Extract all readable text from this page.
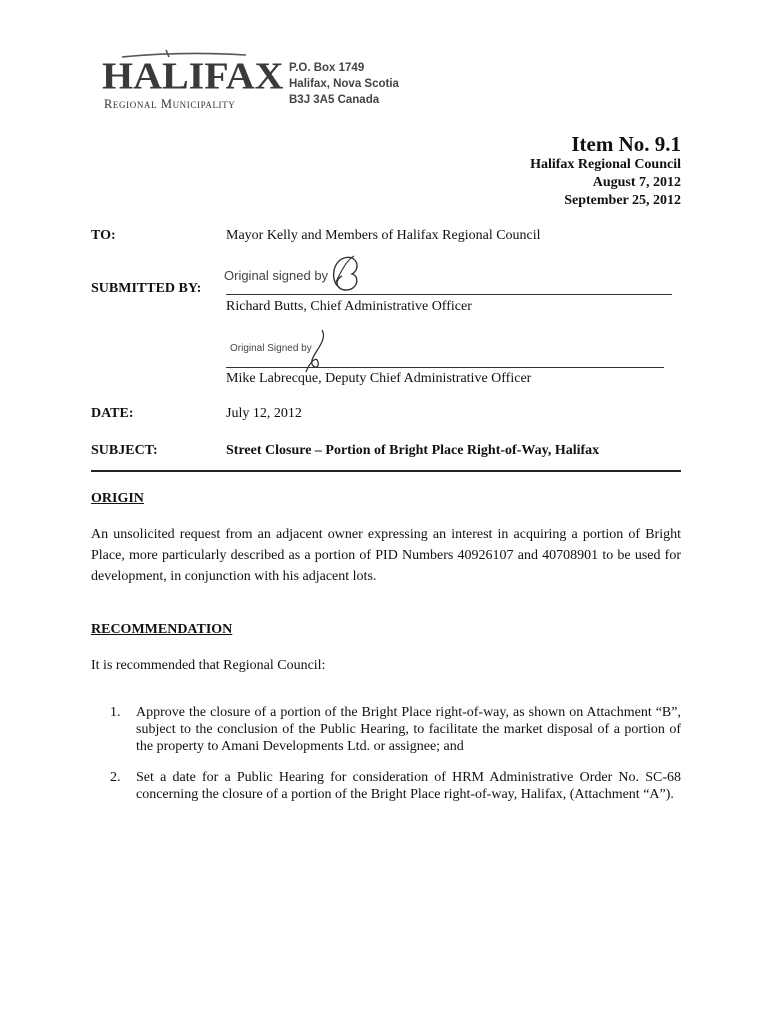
HALIFAX
Regional Municipality
P.O. Box 1749
Halifax, Nova Scotia
B3J 3A5 Canada
Item No. 9.1
Halifax Regional Council
August 7, 2012
September 25, 2012
TO:	Mayor Kelly and Members of Halifax Regional Council
SUBMITTED BY:
Original signed by
Richard Butts, Chief Administrative Officer
Original Signed by
Mike Labrecque, Deputy Chief Administrative Officer
DATE:	July 12, 2012
SUBJECT:	Street Closure – Portion of Bright Place Right-of-Way, Halifax
ORIGIN
An unsolicited request from an adjacent owner expressing an interest in acquiring a portion of Bright Place, more particularly described as a portion of PID Numbers 40926107 and 40708901 to be used for development, in conjunction with his adjacent lots.
RECOMMENDATION
It is recommended that Regional Council:
1.	Approve the closure of a portion of the Bright Place right-of-way, as shown on Attachment “B”, subject to the conclusion of the Public Hearing, to facilitate the market disposal of a portion of the property to Amani Developments Ltd. or assignee; and
2.	Set a date for a Public Hearing for consideration of HRM Administrative Order No. SC-68 concerning the closure of a portion of the Bright Place right-of-way, Halifax, (Attachment “A”).
